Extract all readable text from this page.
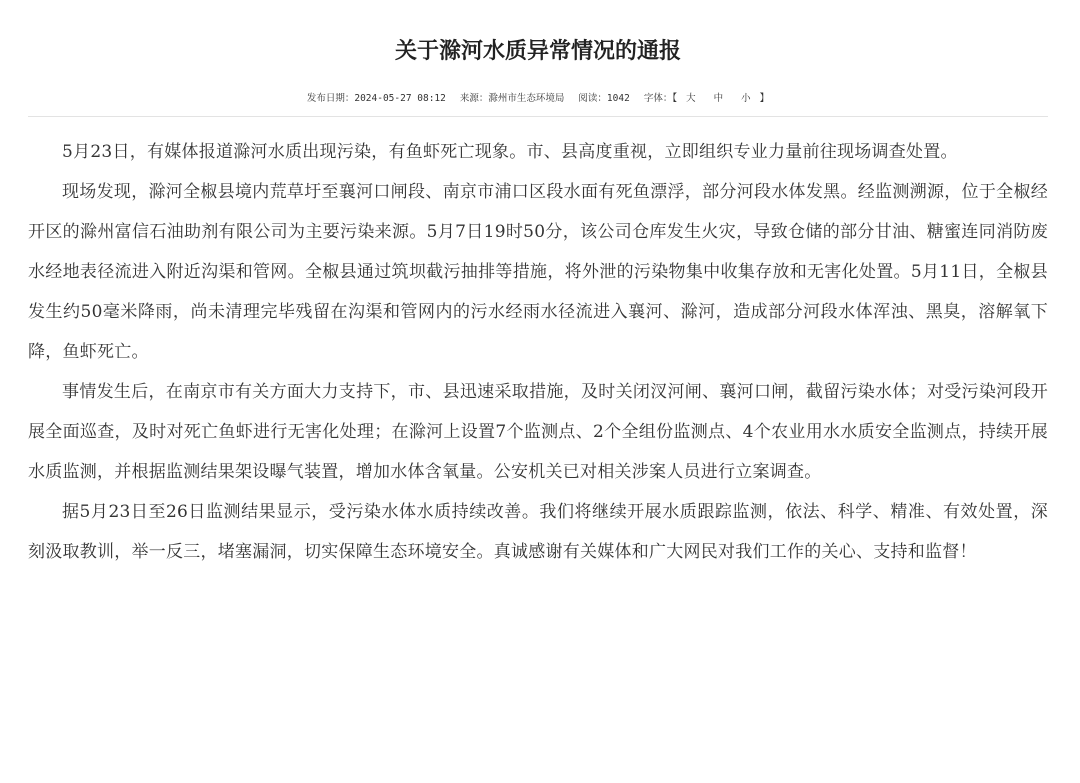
关于滁河水质异常情况的通报
发布日期：2024-05-27 08:12 来源：滁州市生态环境局 阅读：1042 字体：【 大 中 小 】

5月23日，有媒体报道滁河水质出现污染，有鱼虾死亡现象。市、县高度重视，立即组织专业力量前往现场调查处置。

现场发现，滁河全椒县境内荒草圩至襄河口闸段、南京市浦口区段水面有死鱼漂浮，部分河段水体发黑。经监测溯源，位于全椒经开区的滁州富信石油助剂有限公司为主要污染来源。5月7日19时50分，该公司仓库发生火灾，导致仓储的部分甘油、糖蜜连同消防废水经地表径流进入附近沟渠和管网。全椒县通过筑坝截污抽排等措施，将外泄的污染物集中收集存放和无害化处置。5月11日，全椒县发生约50毫米降雨，尚未清理完毕残留在沟渠和管网内的污水经雨水径流进入襄河、滁河，造成部分河段水体浑浊、黑臭，溶解氧下降，鱼虾死亡。

事情发生后，在南京市有关方面大力支持下，市、县迅速采取措施，及时关闭汊河闸、襄河口闸，截留污染水体；对受污染河段开展全面巡查，及时对死亡鱼虾进行无害化处理；在滁河上设置7个监测点、2个全组份监测点、4个农业用水水质安全监测点，持续开展水质监测，并根据监测结果架设曝气装置，增加水体含氧量。公安机关已对相关涉案人员进行立案调查。

据5月23日至26日监测结果显示，受污染水体水质持续改善。我们将继续开展水质跟踪监测，依法、科学、精准、有效处置，深刻汲取教训，举一反三，堵塞漏洞，切实保障生态环境安全。真诚感谢有关媒体和广大网民对我们工作的关心、支持和监督！
